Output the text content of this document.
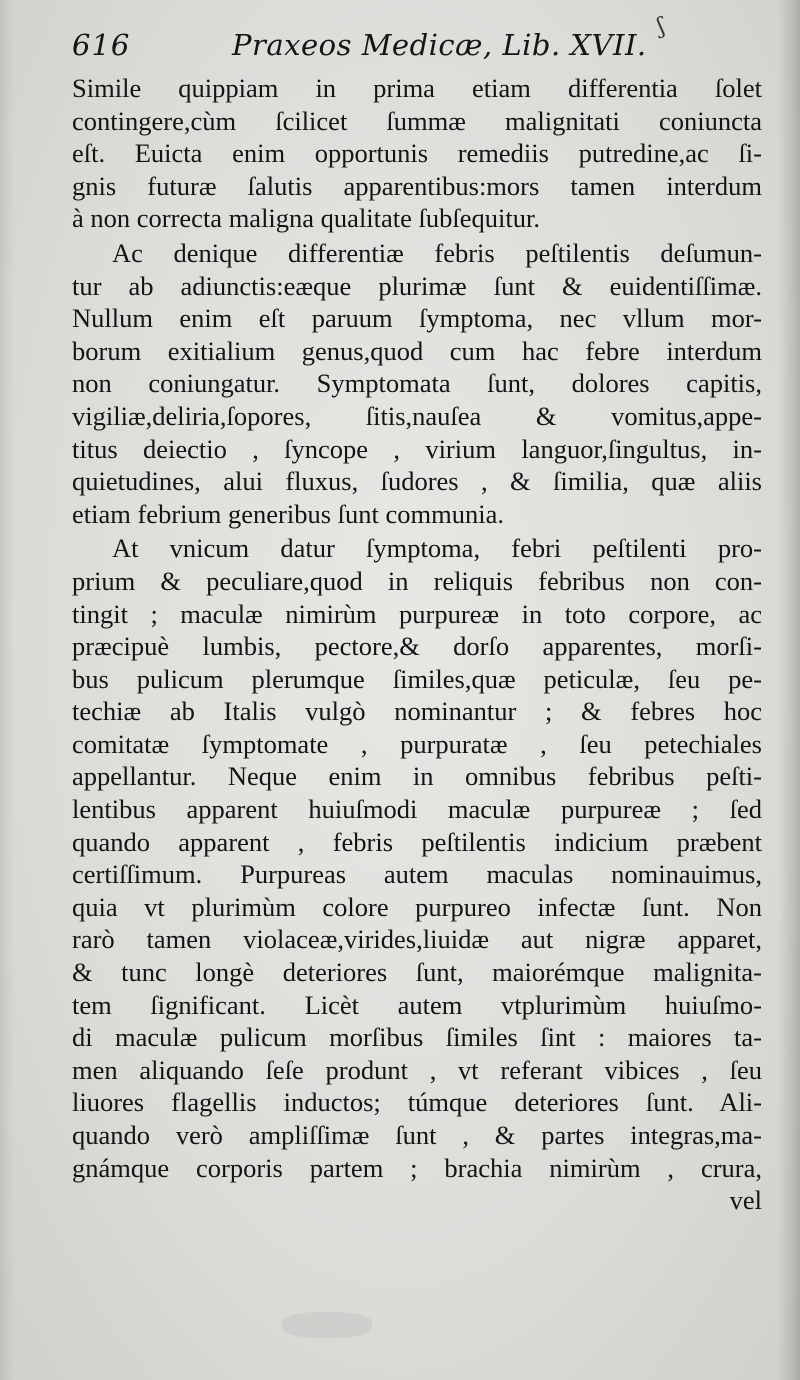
616	Praxeos Medicæ, Lib. XVII.
ʃ
Simile quippiam in prima etiam differentia ſolet
contingere,cùm ſcilicet ſummæ malignitati coniuncta
eſt. Euicta enim opportunis remediis putredine,ac ſi-
gnis futuræ ſalutis apparentibus:mors tamen interdum
à non correcta maligna qualitate ſubſequitur.
Ac denique differentiæ febris peſtilentis deſumun-
tur ab adiunctis:eæque plurimæ ſunt & euidentiſſimæ.
Nullum enim eſt paruum ſymptoma, nec vllum mor-
borum exitialium genus,quod cum hac febre interdum
non coniungatur. Symptomata ſunt, dolores capitis,
vigiliæ,deliria,ſopores, ſitis,nauſea & vomitus,appe-
titus deiectio , ſyncope , virium languor,ſingultus, in-
quietudines, alui fluxus, ſudores , & ſimilia, quæ aliis
etiam febrium generibus ſunt communia.
At vnicum datur ſymptoma, febri peſtilenti pro-
prium & peculiare,quod in reliquis febribus non con-
tingit ; maculæ nimirùm purpureæ in toto corpore, ac
præcipuè lumbis, pectore,& dorſo apparentes, morſi-
bus pulicum plerumque ſimiles,quæ peticulæ, ſeu pe-
techiæ ab Italis vulgò nominantur ; & febres hoc
comitatæ ſymptomate , purpuratæ , ſeu petechiales
appellantur. Neque enim in omnibus febribus peſti-
lentibus apparent huiuſmodi maculæ purpureæ ; ſed
quando apparent , febris peſtilentis indicium præbent
certiſſimum. Purpureas autem maculas nominauimus,
quia vt plurimùm colore purpureo infectæ ſunt. Non
rarò tamen violaceæ,virides,liuidæ aut nigræ apparet,
& tunc longè deteriores ſunt, maiorémque malignita-
tem ſignificant. Licèt autem vtplurimùm huiuſmo-
di maculæ pulicum morſibus ſimiles ſint : maiores ta-
men aliquando ſeſe produnt , vt referant vibices , ſeu
liuores flagellis inductos; túmque deteriores ſunt. Ali-
quando verò ampliſſimæ ſunt , & partes integras,ma-
gnámque corporis partem ; brachia nimirùm , crura,
vel
